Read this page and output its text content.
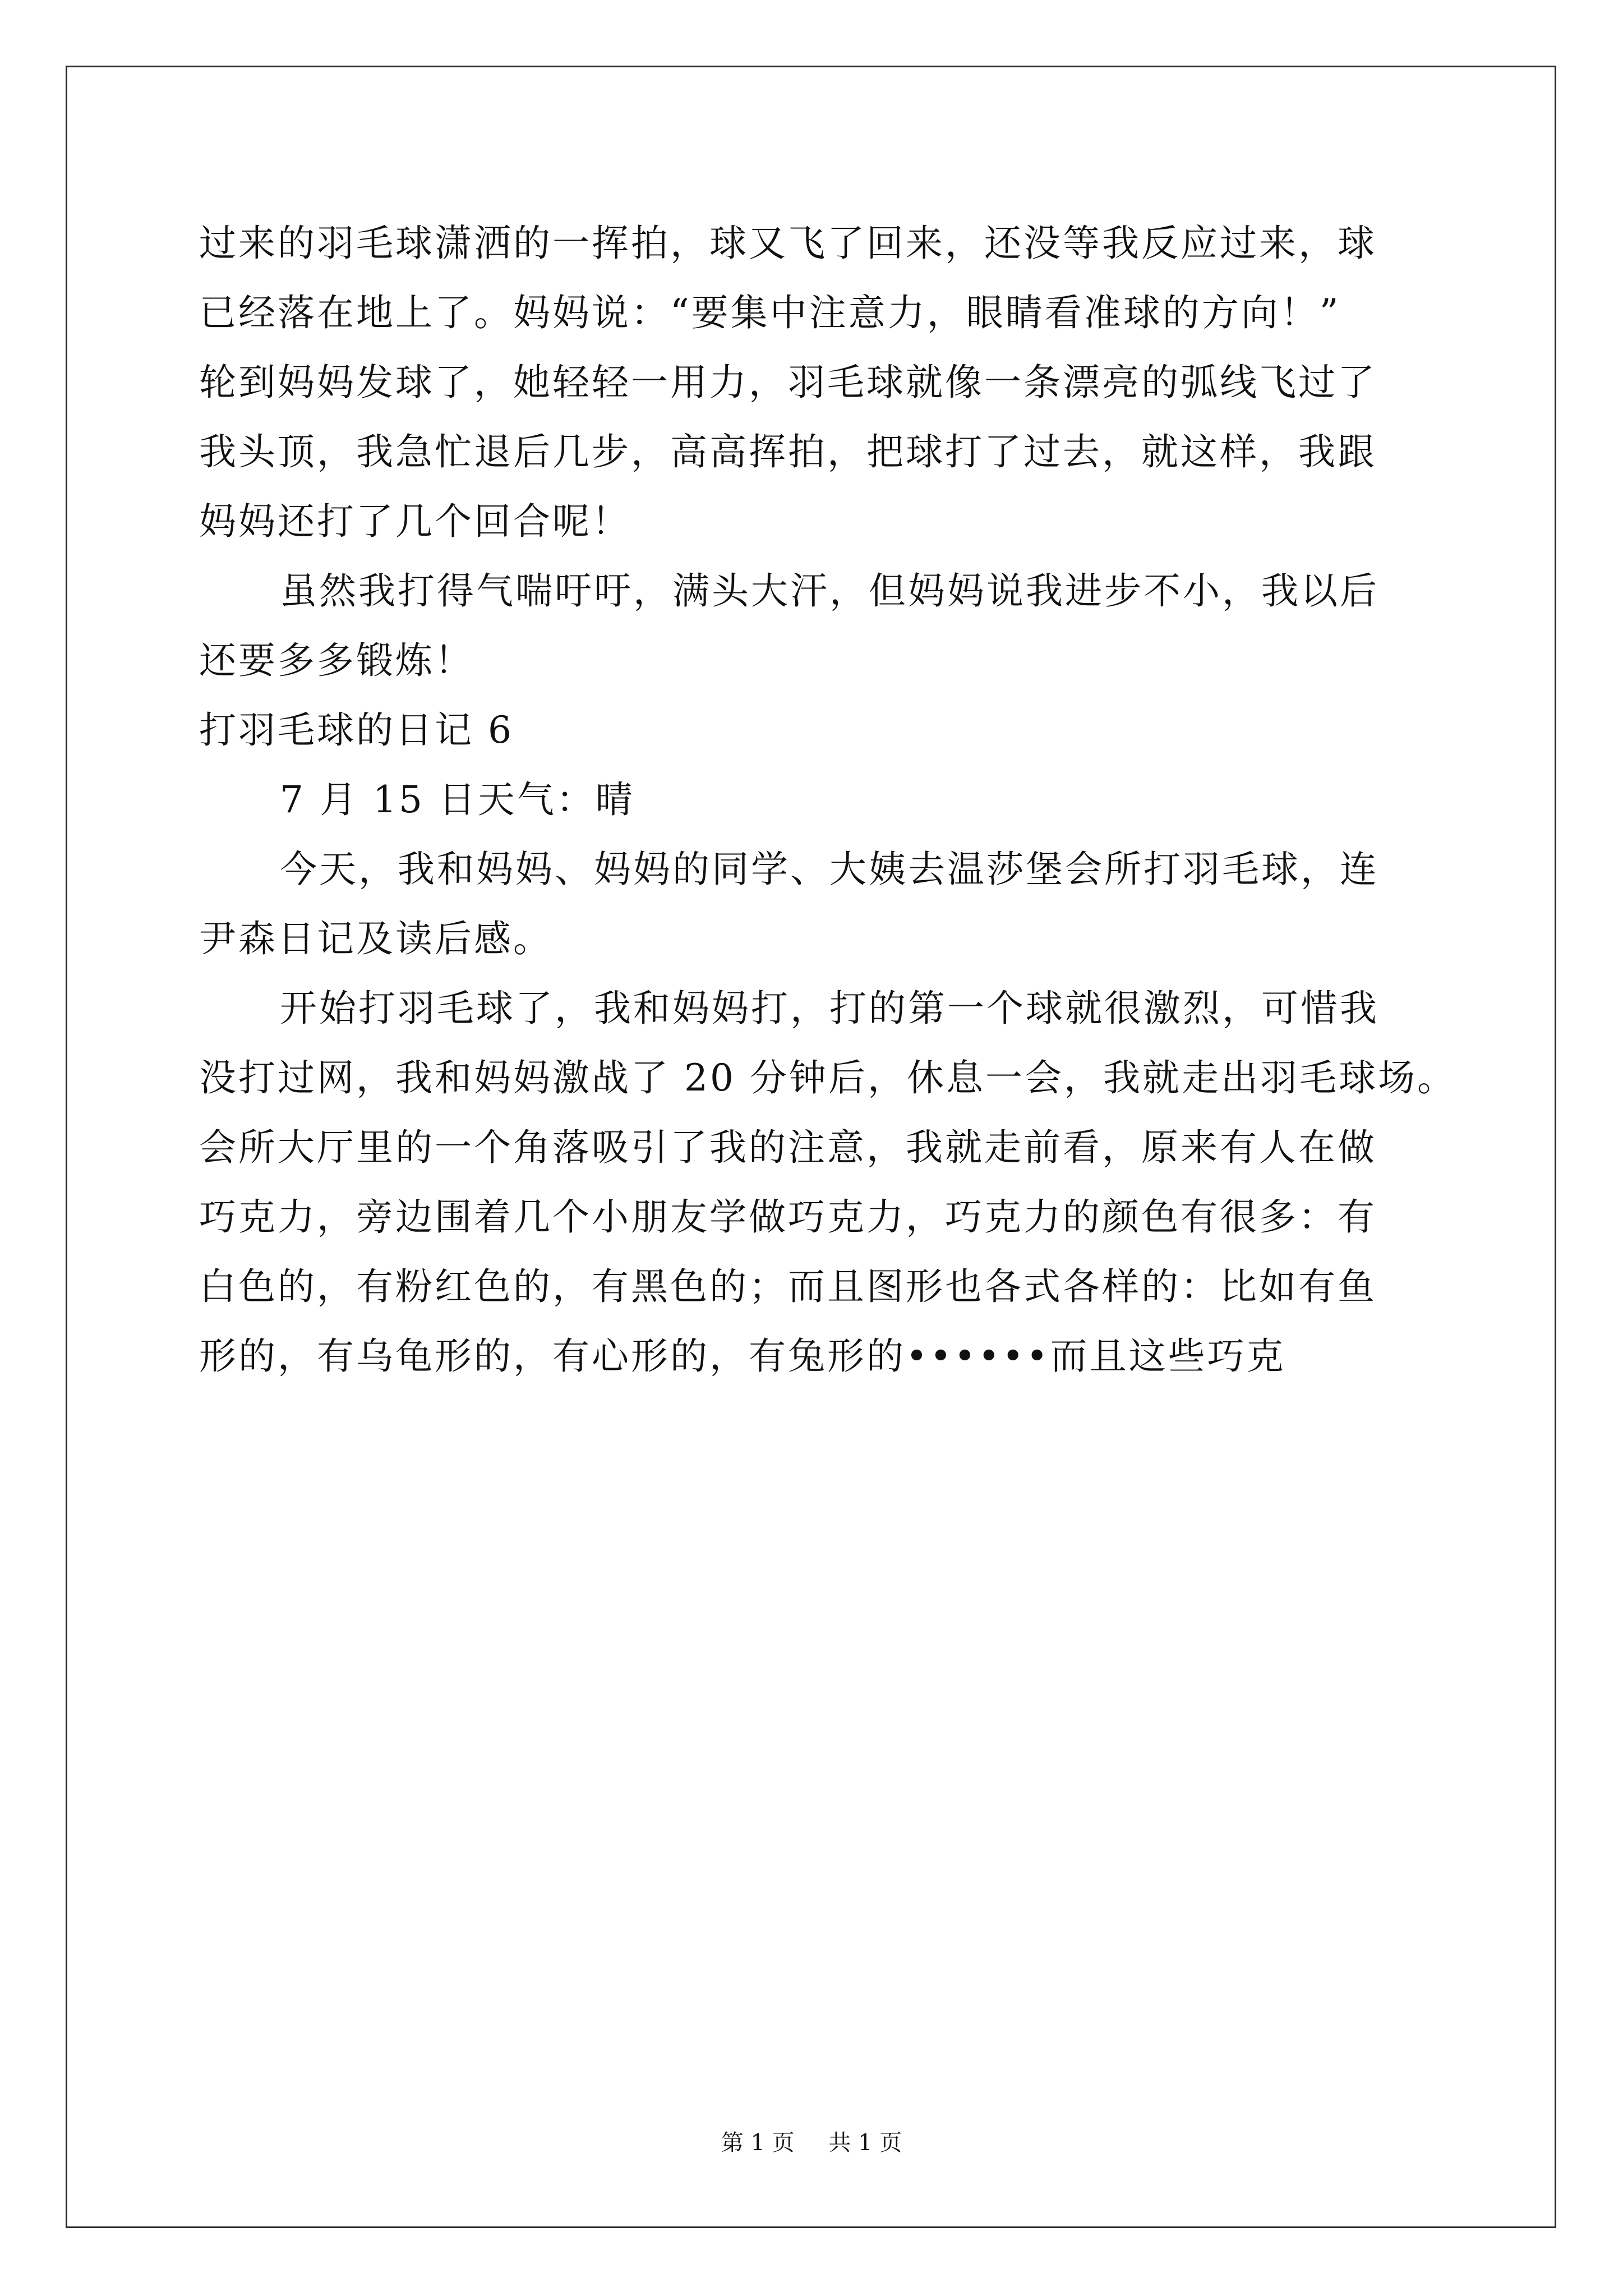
过来的羽毛球潇洒的一挥拍，球又飞了回来，还没等我反应过来，球
已经落在地上了。妈妈说：“要集中注意力，眼睛看准球的方向！”
轮到妈妈发球了，她轻轻一用力，羽毛球就像一条漂亮的弧线飞过了
我头顶，我急忙退后几步，高高挥拍，把球打了过去，就这样，我跟
妈妈还打了几个回合呢！
虽然我打得气喘吁吁，满头大汗，但妈妈说我进步不小，我以后
还要多多锻炼！
打羽毛球的日记 6
7 月 15 日天气：晴
今天，我和妈妈、妈妈的同学、大姨去温莎堡会所打羽毛球，连
尹森日记及读后感。
开始打羽毛球了，我和妈妈打，打的第一个球就很激烈，可惜我
没打过网，我和妈妈激战了 20 分钟后，休息一会，我就走出羽毛球场。
会所大厅里的一个角落吸引了我的注意，我就走前看，原来有人在做
巧克力，旁边围着几个小朋友学做巧克力，巧克力的颜色有很多：有
白色的，有粉红色的，有黑色的；而且图形也各式各样的：比如有鱼
形的，有乌龟形的，有心形的，有兔形的••••••而且这些巧克
第 1 页 共 1 页
